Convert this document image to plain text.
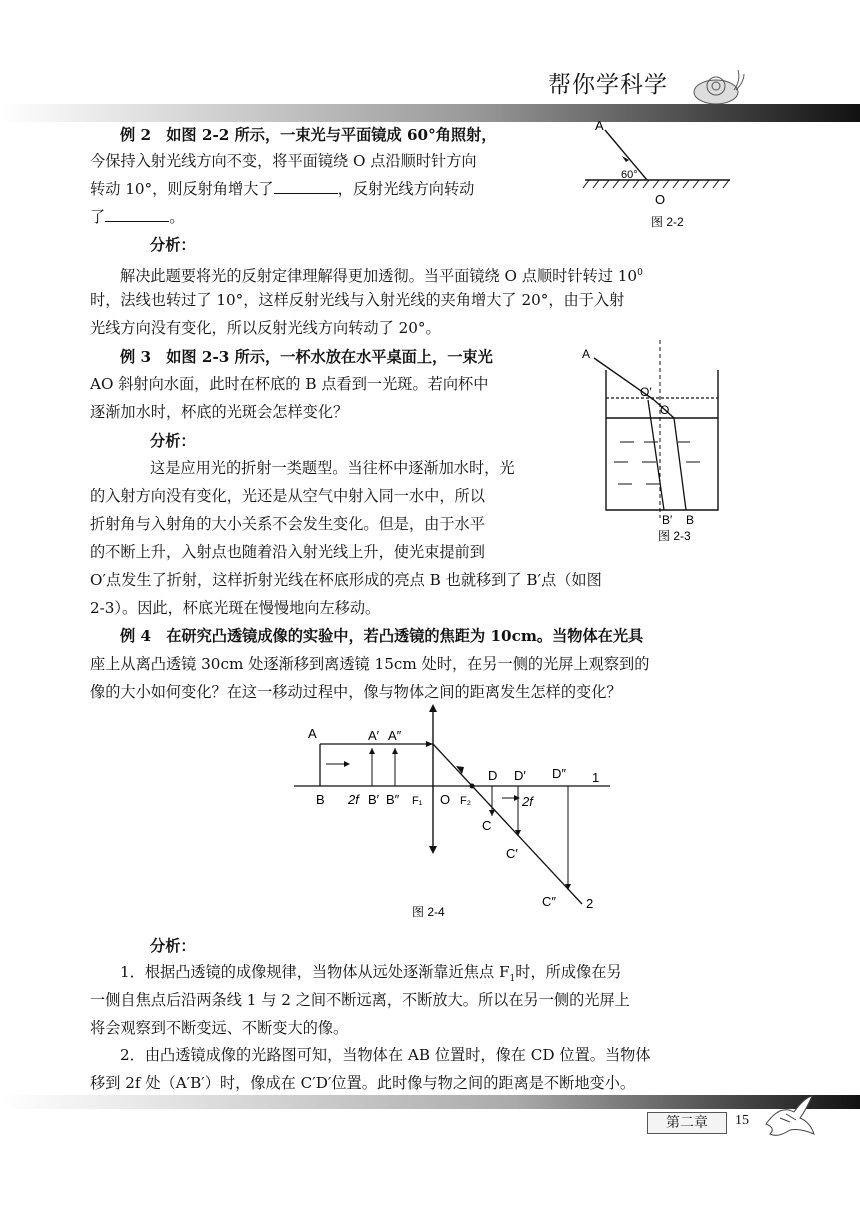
帮你学科学
例 2　如图 2-2 所示，一束光与平面镜成 60°角照射，
今保持入射光线方向不变，将平面镜绕 O 点沿顺时针方向
转动 10°，则反射角增大了	，反射光线方向转动
了	。
分析：
解决此题要将光的反射定律理解得更加透彻。当平面镜绕 O 点顺时针转过 $10^0$
时，法线也转过了 10°，这样反射光线与入射光线的夹角增大了 20°，由于入射
光线方向没有变化，所以反射光线方向转动了 20°。
A
60°
O
图 2-2
例 3　如图 2-3 所示，一杯水放在水平桌面上，一束光
AO 斜射向水面，此时在杯底的 B 点看到一光斑。若向杯中
逐渐加水时，杯底的光斑会怎样变化？
分析：
这是应用光的折射一类题型。当往杯中逐渐加水时，光
的入射方向没有变化，光还是从空气中射入同一水中，所以
折射角与入射角的大小关系不会发生变化。但是，由于水平
的不断上升，入射点也随着沿入射光线上升，使光束提前到
O′点发生了折射，这样折射光线在杯底形成的亮点 B 也就移到了 B′点（如图
2-3）。因此，杯底光斑在慢慢地向左移动。
A
O′
O
B′ B
图 2-3
例 4　在研究凸透镜成像的实验中，若凸透镜的焦距为 10cm。当物体在光具
座上从离凸透镜 30cm 处逐渐移到离透镜 15cm 处时，在另一侧的光屏上观察到的
像的大小如何变化？在这一移动过程中，像与物体之间的距离发生怎样的变化？
A	A′ A″
B 2f B′ B″ F₁ O F₂
D D′ D″ 1
2f
C
C′
C″ 2
图 2-4
分析：
1．根据凸透镜的成像规律，当物体从远处逐渐靠近焦点 $F_1$时，所成像在另
一侧自焦点后沿两条线 1 与 2 之间不断远离，不断放大。所以在另一侧的光屏上
将会观察到不断变远、不断变大的像。
2．由凸透镜成像的光路图可知，当物体在 AB 位置时，像在 CD 位置。当物体
移到 2f 处（A′B′）时，像成在 C′D′位置。此时像与物之间的距离是不断地变小。
第二章	15
